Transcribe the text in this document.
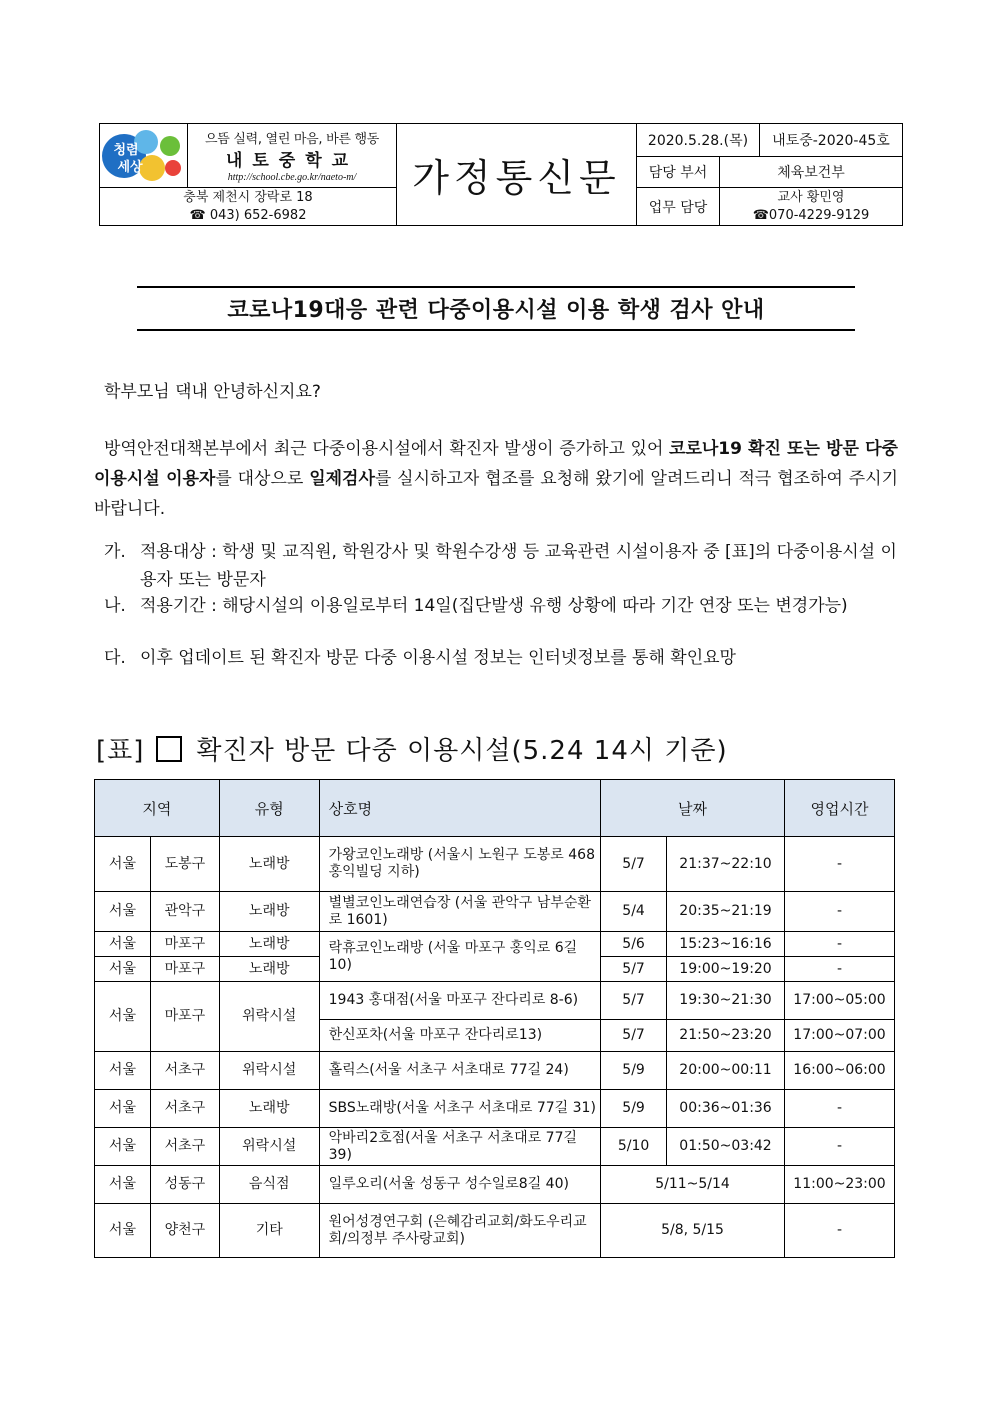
청렴
세상
으뜸 실력, 열린 마음, 바른 행동
내토중학교
http://school.cbe.go.kr/naeto-m/
충북 제천시 장락로 18
☎ 043) 652-6982
가정통신문
2020.5.28.(목) 내토중-2020-45호
담당 부서	체육보건부
업무 담당
교사 황민영
☎070-4229-9129
코로나19대응 관련 다중이용시설 이용 학생 검사 안내
학부모님 댁내 안녕하신지요?
방역안전대책본부에서 최근 다중이용시설에서 확진자 발생이 증가하고 있어 코로나19 확진 또는 방문 다중이용시설 이용자를 대상으로 일제검사를 실시하고자 협조를 요청해 왔기에 알려드리니 적극 협조하여 주시기 바랍니다.
가. 적용대상 : 학생 및 교직원, 학원강사 및 학원수강생 등 교육관련 시설이용자 중 [표]의 다중이용시설 이용자 또는 방문자
나. 적용기간 : 해당시설의 이용일로부터 14일(집단발생 유행 상황에 따라 기간 연장 또는 변경가능)
다. 이후 업데이트 된 확진자 방문 다중 이용시설 정보는 인터넷정보를 통해 확인요망
[표] 확진자 방문 다중 이용시설(5.24 14시 기준)
지역		유형	상호명	날짜		영업시간
서울	도봉구	노래방	가왕코인노래방 (서울시 노원구 도봉로 468 홍익빌딩 지하)	5/7	21:37~22:10	-
서울	관악구	노래방	별별코인노래연습장 (서울 관악구 남부순환로 1601)	5/4	20:35~21:19	-
서울	마포구	노래방	락휴코인노래방 (서울 마포구 홍익로 6길 10)	5/6	15:23~16:16	-
서울	마포구	노래방		5/7	19:00~19:20	-
서울	마포구	위락시설	1943 홍대점(서울 마포구 잔다리로 8-6)	5/7	19:30~21:30	17:00~05:00
			한신포차(서울 마포구 잔다리로13)	5/7	21:50~23:20	17:00~07:00
서울	서초구	위락시설	홀릭스(서울 서초구 서초대로 77길 24)	5/9	20:00~00:11	16:00~06:00
서울	서초구	노래방	SBS노래방(서울 서초구 서초대로 77길 31)	5/9	00:36~01:36	-
서울	서초구	위락시설	악바리2호점(서울 서초구 서초대로 77길 39)	5/10	01:50~03:42	-
서울	성동구	음식점	일루오리(서울 성동구 성수일로8길 40)	5/11~5/14		11:00~23:00
서울	양천구	기타	원어성경연구회 (은혜감리교회/화도우리교회/의정부 주사랑교회)	5/8, 5/15		-
